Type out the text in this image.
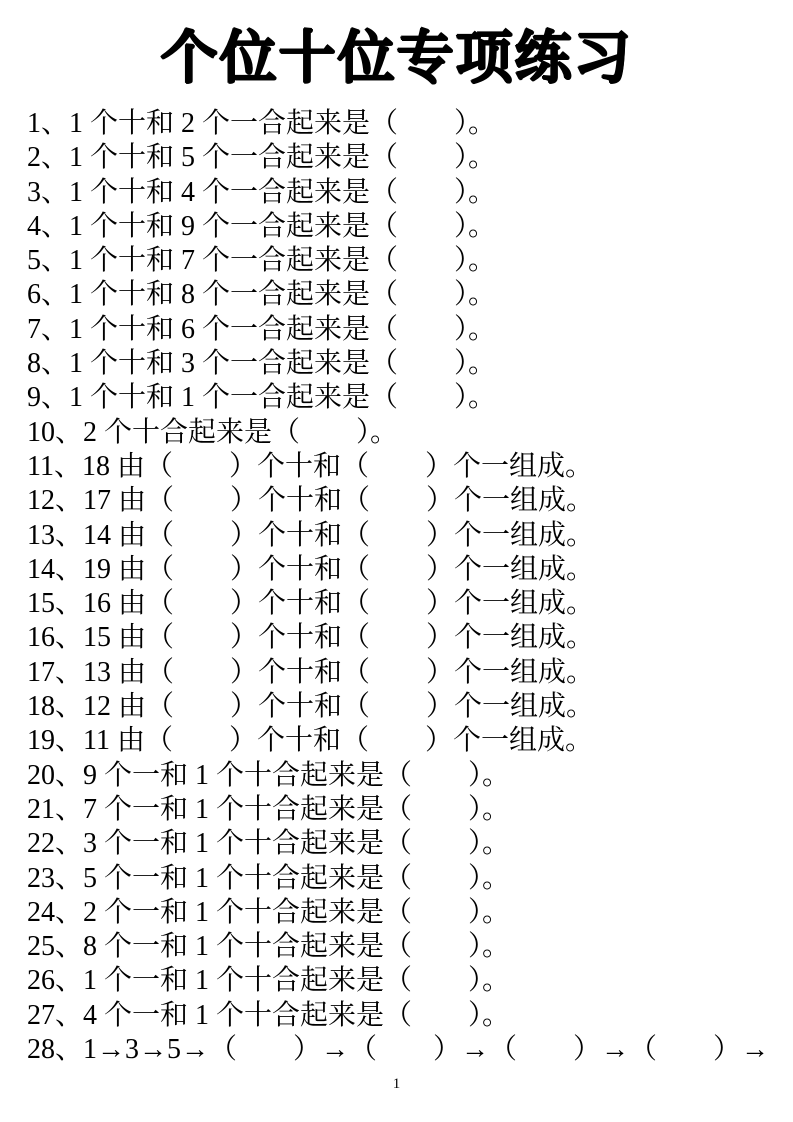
个位十位专项练习
1、1 个十和 2 个一合起来是（　　）。
2、1 个十和 5 个一合起来是（　　）。
3、1 个十和 4 个一合起来是（　　）。
4、1 个十和 9 个一合起来是（　　）。
5、1 个十和 7 个一合起来是（　　）。
6、1 个十和 8 个一合起来是（　　）。
7、1 个十和 6 个一合起来是（　　）。
8、1 个十和 3 个一合起来是（　　）。
9、1 个十和 1 个一合起来是（　　）。
10、2 个十合起来是（　　）。
11、18 由（　　）个十和（　　）个一组成。
12、17 由（　　）个十和（　　）个一组成。
13、14 由（　　）个十和（　　）个一组成。
14、19 由（　　）个十和（　　）个一组成。
15、16 由（　　）个十和（　　）个一组成。
16、15 由（　　）个十和（　　）个一组成。
17、13 由（　　）个十和（　　）个一组成。
18、12 由（　　）个十和（　　）个一组成。
19、11 由（　　）个十和（　　）个一组成。
20、9 个一和 1 个十合起来是（　　）。
21、7 个一和 1 个十合起来是（　　）。
22、3 个一和 1 个十合起来是（　　）。
23、5 个一和 1 个十合起来是（　　）。
24、2 个一和 1 个十合起来是（　　）。
25、8 个一和 1 个十合起来是（　　）。
26、1 个一和 1 个十合起来是（　　）。
27、4 个一和 1 个十合起来是（　　）。
28、1→3→5→（　　）→（　　）→（　　）→（　　）→
1
